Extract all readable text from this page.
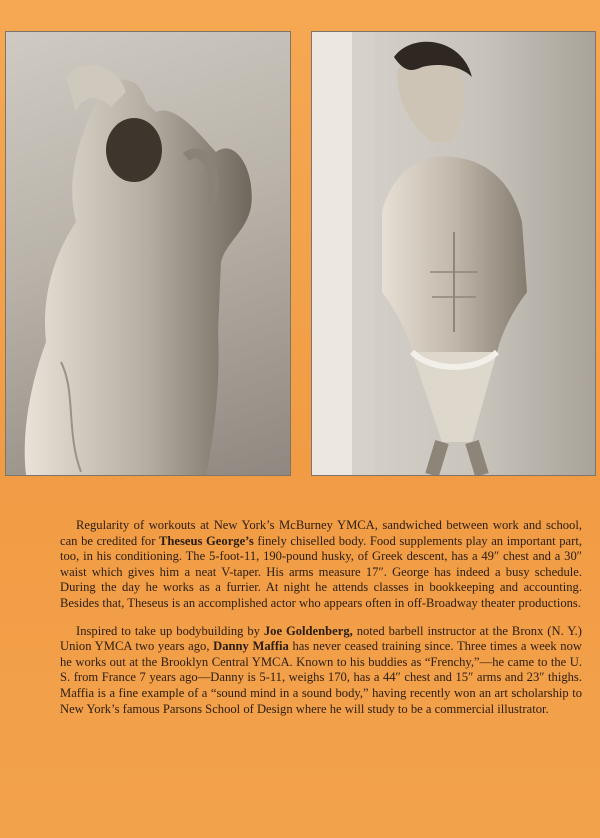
Regularity of workouts at New York’s McBurney YMCA, sandwiched between work and school, can be credited for Theseus George’s finely chiselled body. Food supplements play an important part, too, in his conditioning. The 5-foot-11, 190-pound husky, of Greek descent, has a 49″ chest and a 30″ waist which gives him a neat V-taper. His arms measure 17″. George has indeed a busy schedule. During the day he works as a furrier. At night he attends classes in bookkeeping and accounting. Besides that, Theseus is an accomplished actor who appears often in off-Broadway theater productions.

Inspired to take up bodybuilding by Joe Goldenberg, noted barbell instructor at the Bronx (N. Y.) Union YMCA two years ago, Danny Maffia has never ceased training since. Three times a week now he works out at the Brooklyn Central YMCA. Known to his buddies as “Frenchy,”—he came to the U. S. from France 7 years ago—Danny is 5-11, weighs 170, has a 44″ chest and 15″ arms and 23″ thighs. Maffia is a fine example of a “sound mind in a sound body,” having recently won an art scholarship to New York’s famous Parsons School of Design where he will study to be a commercial illustrator.
